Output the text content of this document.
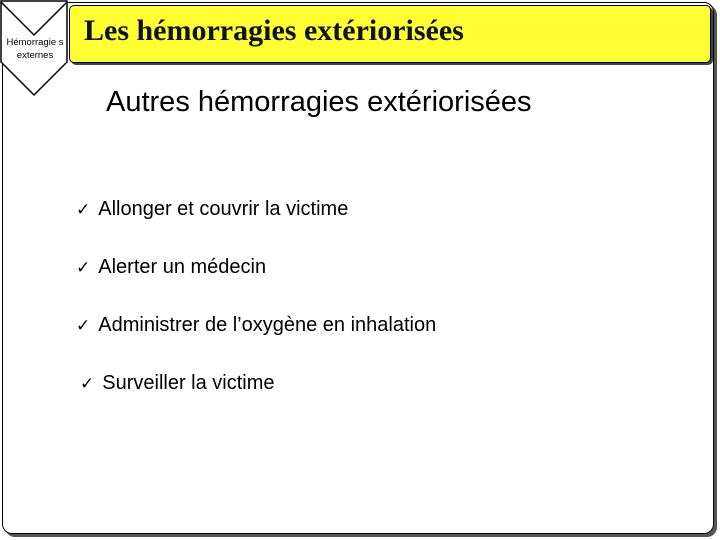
Hémorragie s externes
Les hémorragies extériorisées
Autres hémorragies extériorisées
✓ Allonger et couvrir la victime
✓ Alerter un médecin
✓ Administrer de l’oxygène en inhalation
✓ Surveiller la victime
